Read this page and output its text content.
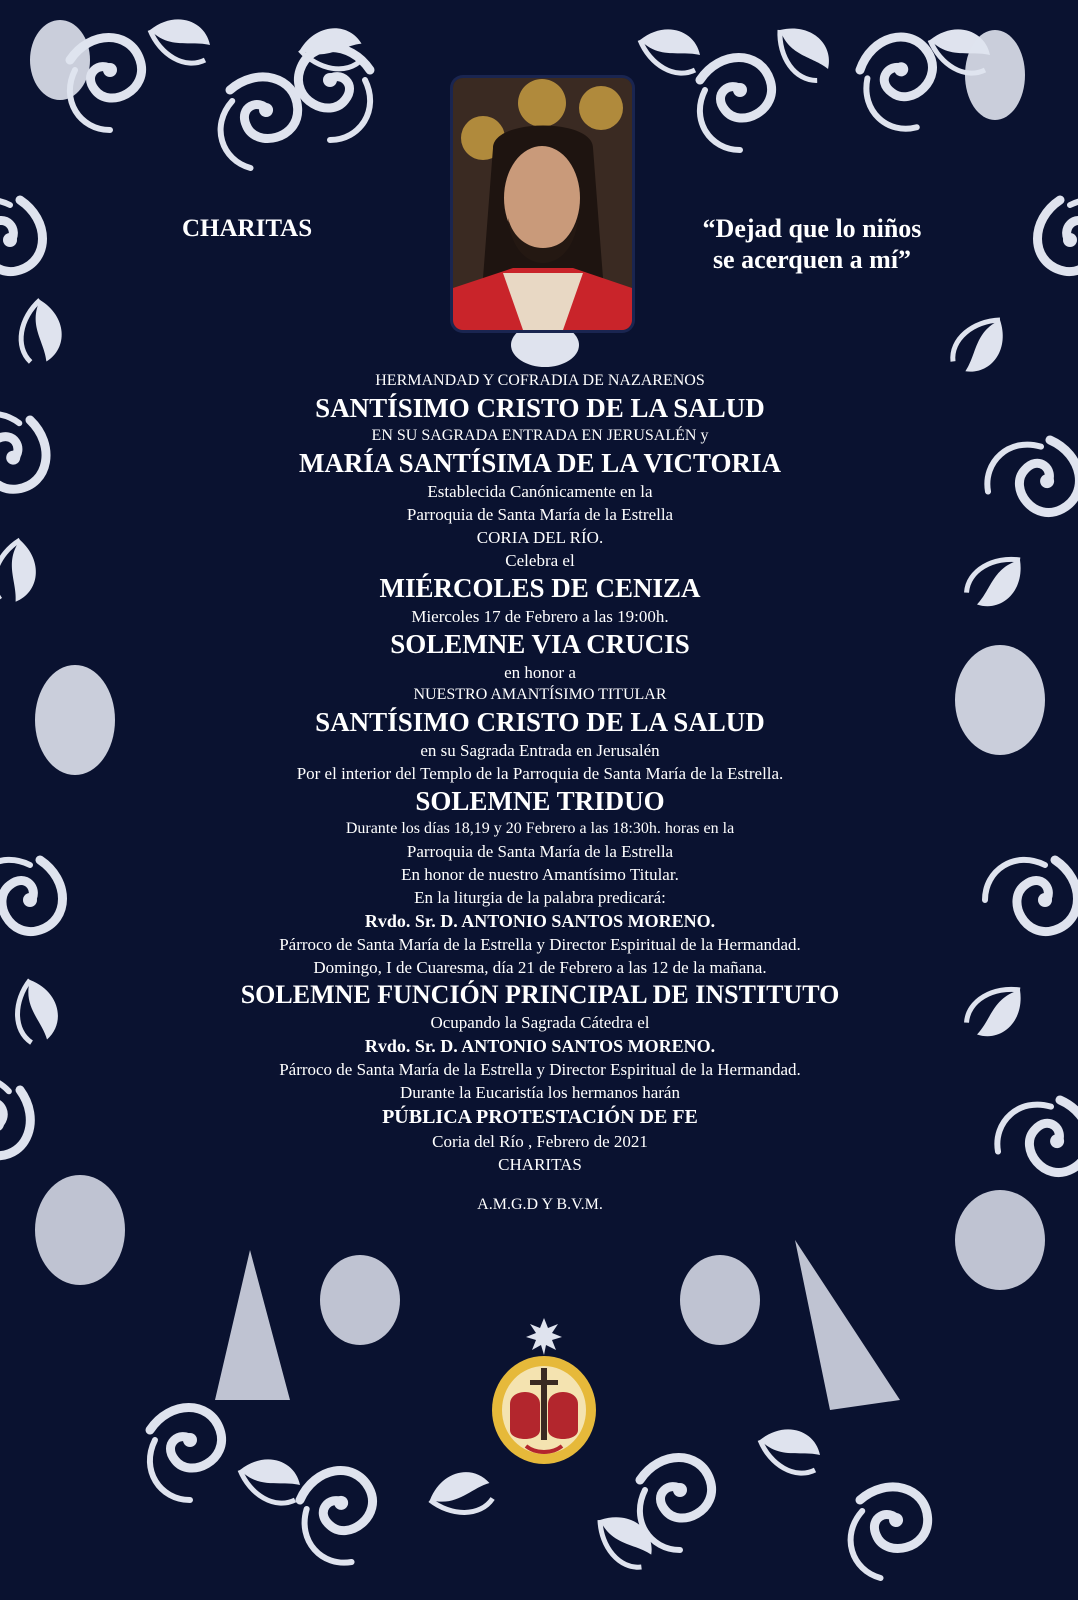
CHARITAS	“Dejad que lo niños
se acerquen a mí”
HERMANDAD Y COFRADIA DE NAZARENOS
SANTÍSIMO CRISTO DE LA SALUD
EN SU SAGRADA ENTRADA EN JERUSALÉN y
MARÍA SANTÍSIMA DE LA VICTORIA
Establecida Canónicamente en la
Parroquia de Santa María de la Estrella
CORIA DEL RÍO.
Celebra el
MIÉRCOLES DE CENIZA
Miercoles 17 de Febrero a las 19:00h.
SOLEMNE VIA CRUCIS
en honor a
NUESTRO AMANTÍSIMO TITULAR
SANTÍSIMO CRISTO DE LA SALUD
en su Sagrada Entrada en Jerusalén
Por el interior del Templo de la Parroquia de Santa María de la Estrella.
SOLEMNE TRIDUO
Durante los días 18,19 y 20 Febrero a las 18:30h. horas en la
Parroquia de Santa María de la Estrella
En honor de nuestro Amantísimo Titular.
En la liturgia de la palabra predicará:
Rvdo. Sr. D. ANTONIO SANTOS MORENO.
Párroco de Santa María de la Estrella y Director Espiritual de la Hermandad.
Domingo, I de Cuaresma, día 21 de Febrero a las 12 de la mañana.
SOLEMNE FUNCIÓN PRINCIPAL DE INSTITUTO
Ocupando la Sagrada Cátedra el
Rvdo. Sr. D. ANTONIO SANTOS MORENO.
Párroco de Santa María de la Estrella y Director Espiritual de la Hermandad.
Durante la Eucaristía los hermanos harán
PÚBLICA PROTESTACIÓN DE FE
Coria del Río , Febrero de 2021
CHARITAS
A.M.G.D Y B.V.M.
